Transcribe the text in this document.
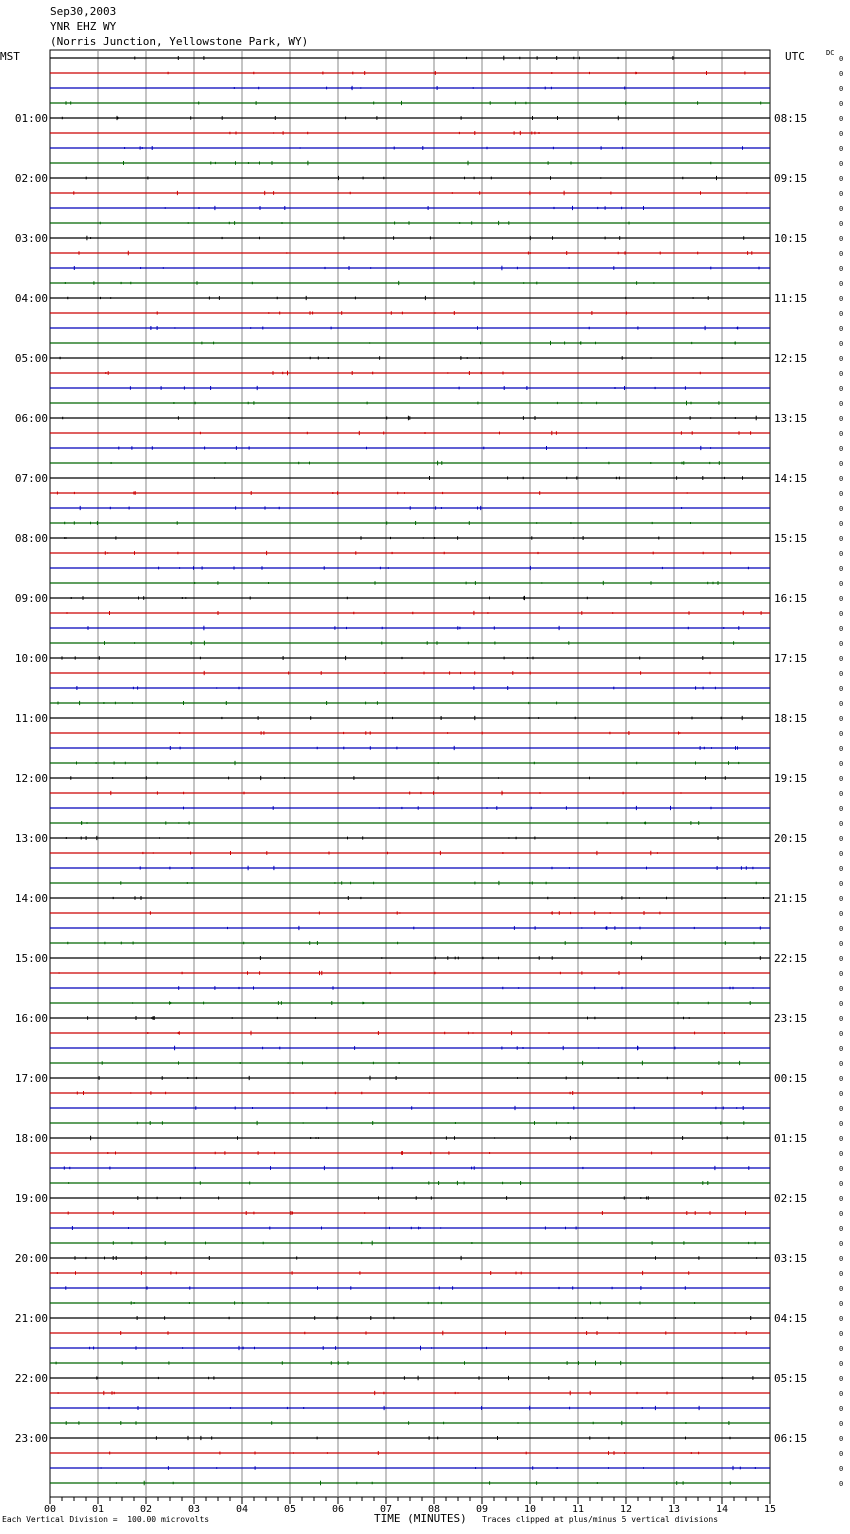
Sep30,2003
YNR EHZ WY
(Norris Junction, Yellowstone Park, WY)
MST	UTC	DC
0
0
0
0
0
0
0
0
0
0
0
0
0
0
0
0
0
0
0
0
0
0
0
0
0
0
0
0
0
0
0
0
0
0
0
0
0
0
0
0
0
0
0
0
0
0
0
0
0
0
0
0
0
0
0
0
0
0
0
0
0
0
0
0
0
0
0
0
0
0
0
0
0
0
0
0
0
0
0
0
0
0
0
0
0
0
0
0
0
0
0
0
0
0
0
0
01:00
02:00
03:00
04:00
05:00
06:00
07:00
08:00
09:00
10:00
11:00
12:00
13:00
14:00
15:00
16:00
17:00
18:00
19:00
20:00
21:00
22:00
23:00
08:15
09:15
10:15
11:15
12:15
13:15
14:15
15:15
16:15
17:15
18:15
19:15
20:15
21:15
22:15
23:15
00:15
01:15
02:15
03:15
04:15
05:15
06:15
00	01	02	03	04	05	06	07	08	09	10	11	12	13	14	15
Each Vertical Division =  100.00 microvolts	TIME (MINUTES) Traces clipped at plus/minus 5 vertical divisions
